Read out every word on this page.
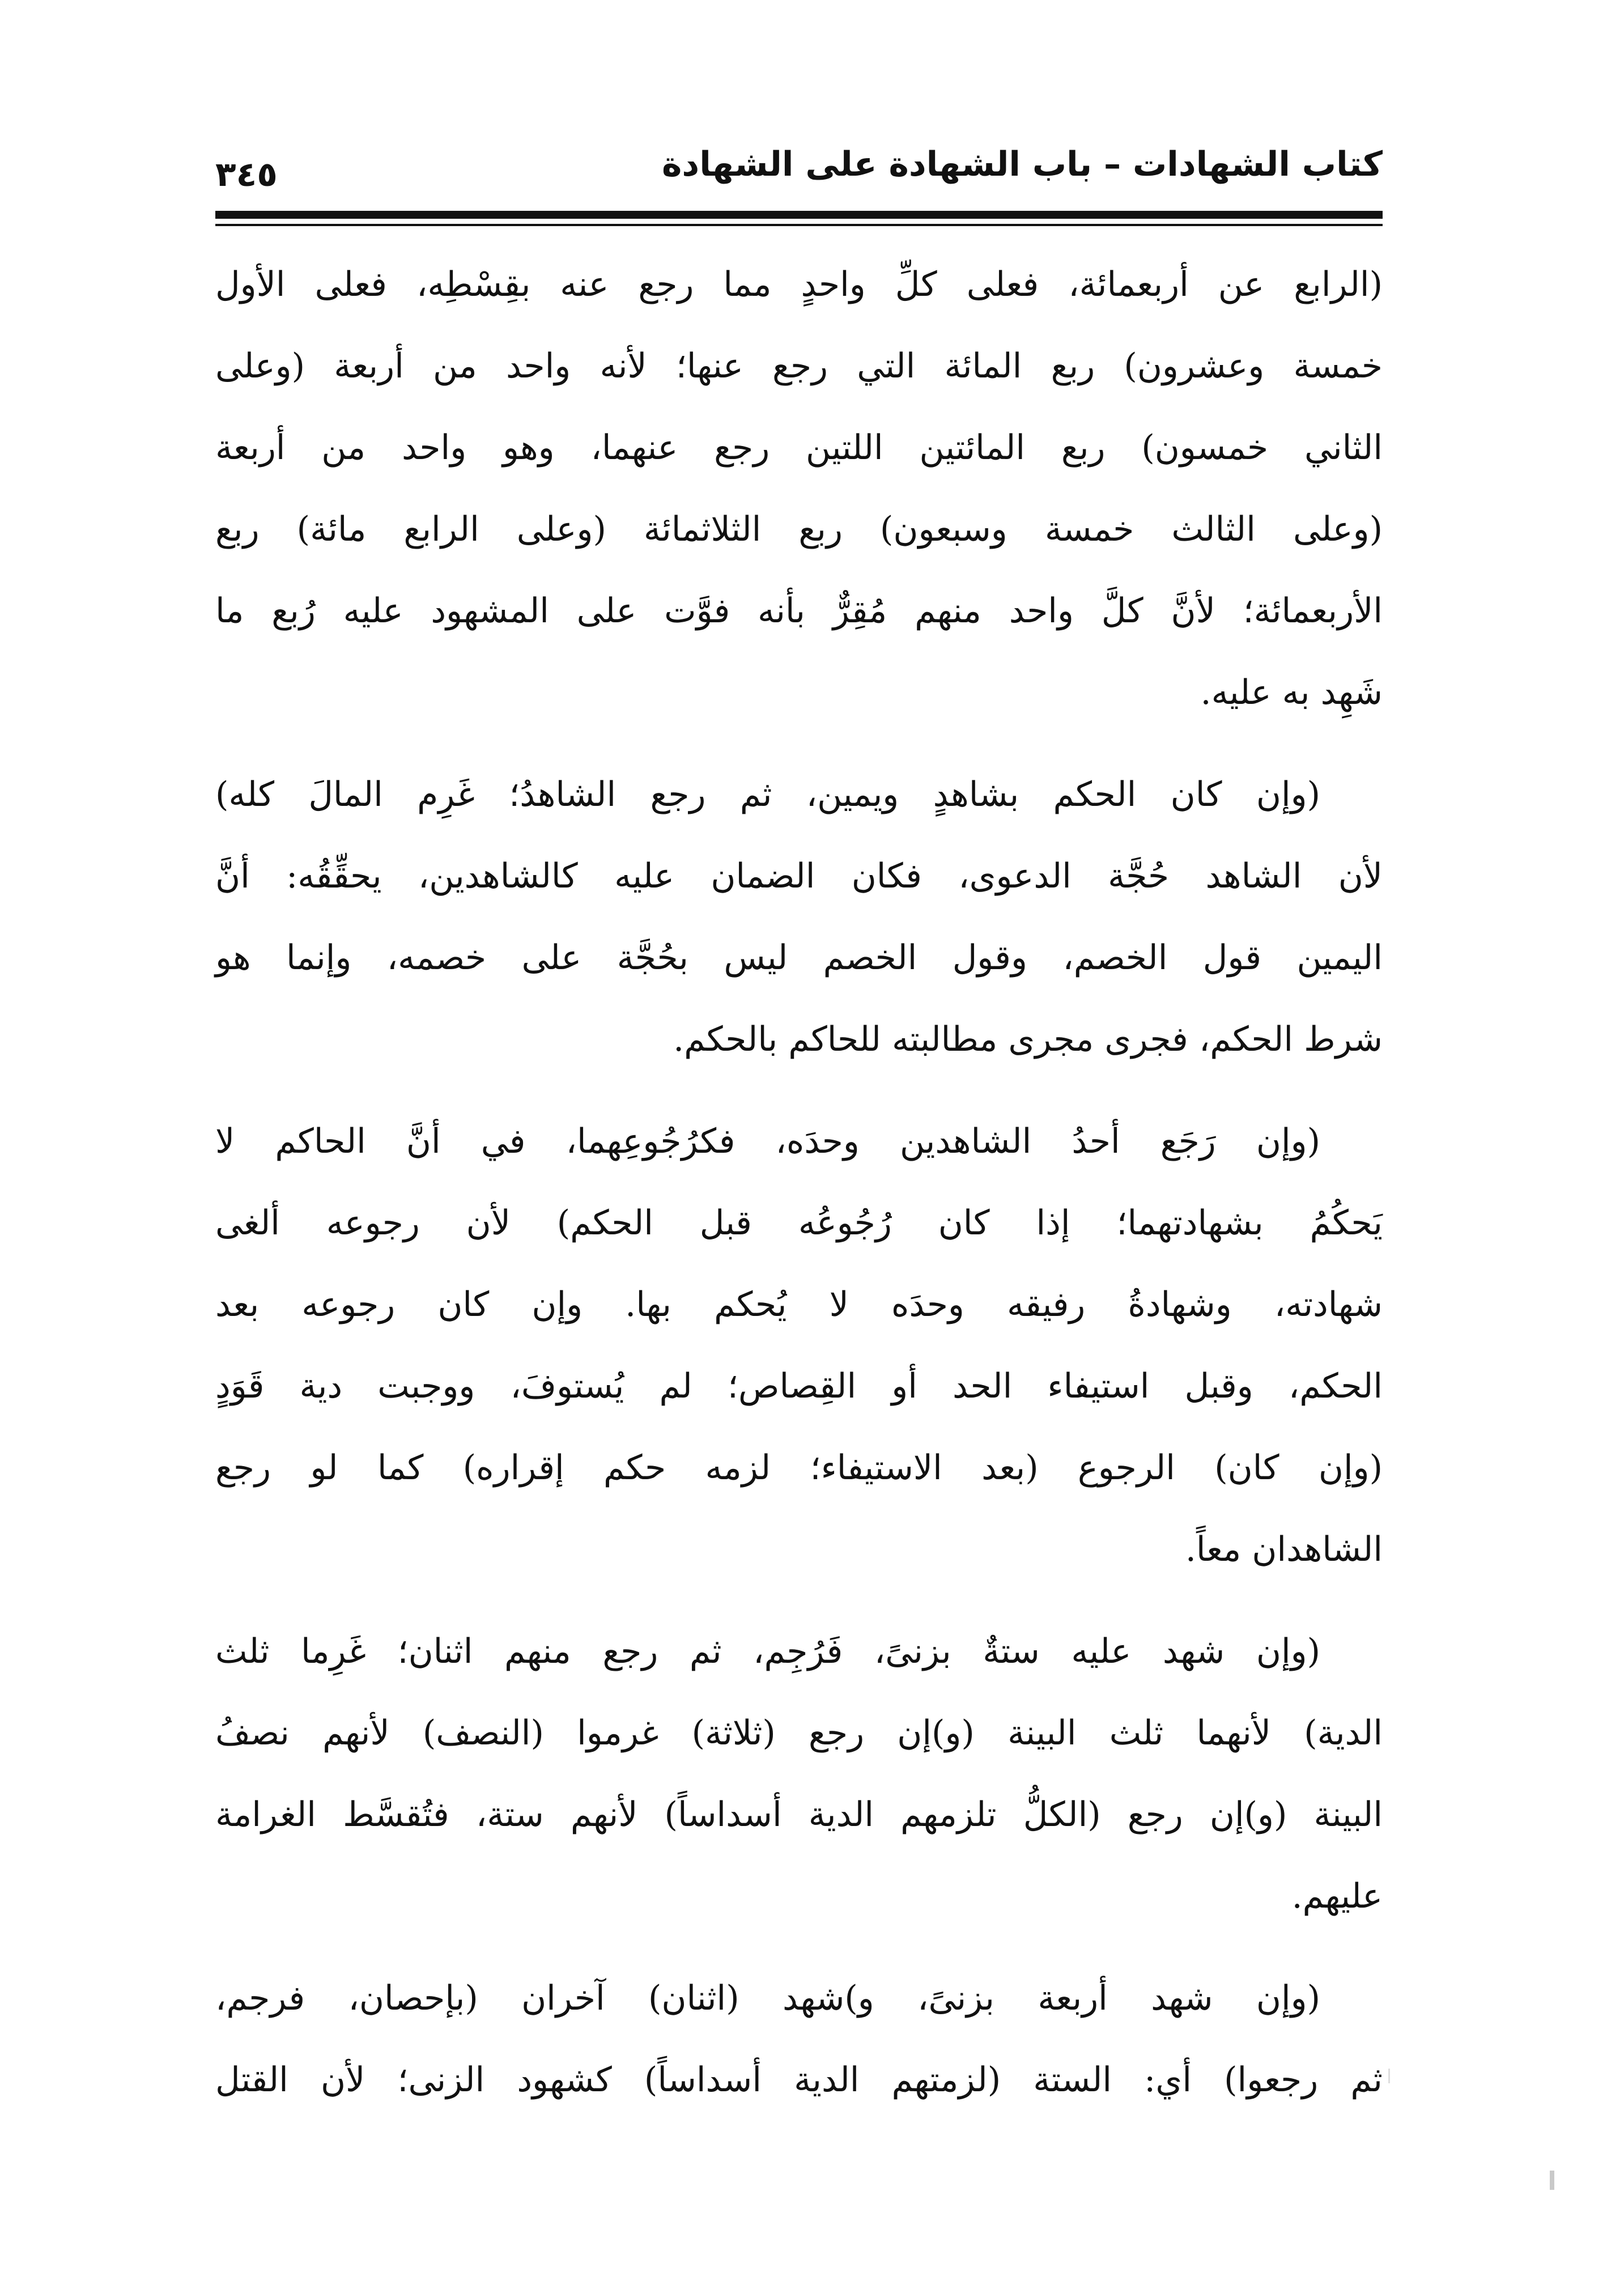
كتاب الشهادات – باب الشهادة على الشهادة
٣٤٥
(الرابع عن أربعمائة، فعلى كلِّ واحدٍ مما رجع عنه بقِسْطِه، فعلى الأول
خمسة وعشرون) ربع المائة التي رجع عنها؛ لأنه واحد من أربعة (وعلى
الثاني خمسون) ربع المائتين اللتين رجع عنهما، وهو واحد من أربعة
(وعلى الثالث خمسة وسبعون) ربع الثلاثمائة (وعلى الرابع مائة) ربع
الأربعمائة؛ لأنَّ كلَّ واحد منهم مُقِرٌّ بأنه فوَّت على المشهود عليه رُبع ما
شَهِد به عليه.
(وإن كان الحكم بشاهدٍ ويمين، ثم رجع الشاهدُ؛ غَرِم المالَ كله)
لأن الشاهد حُجَّة الدعوى، فكان الضمان عليه كالشاهدين، يحقِّقُه: أنَّ
اليمين قول الخصم، وقول الخصم ليس بحُجَّة على خصمه، وإنما هو
شرط الحكم، فجرى مجرى مطالبته للحاكم بالحكم.
(وإن رَجَع أحدُ الشاهدين وحدَه، فكرُجُوعِهما، في أنَّ الحاكم لا
يَحكُمُ بشهادتهما؛ إذا كان رُجُوعُه قبل الحكم) لأن رجوعه ألغى
شهادته، وشهادةُ رفيقه وحدَه لا يُحكم بها. وإن كان رجوعه بعد
الحكم، وقبل استيفاء الحد أو القِصاص؛ لم يُستوفَ، ووجبت دية قَوَدٍ
(وإن كان) الرجوع (بعد الاستيفاء؛ لزمه حكم إقراره) كما لو رجع
الشاهدان معاً.
(وإن شهد عليه ستةٌ بزنىً، فَرُجِم، ثم رجع منهم اثنان؛ غَرِما ثلث
الدية) لأنهما ثلث البينة (و)إن رجع (ثلاثة) غرموا (النصف) لأنهم نصفُ
البينة (و)إن رجع (الكلُّ تلزمهم الدية أسداساً) لأنهم ستة، فتُقسَّط الغرامة
عليهم.
(وإن شهد أربعة بزنىً، و)شهد (اثنان) آخران (بإحصان، فرجم،
ثم رجعوا) أي: الستة (لزمتهم الدية أسداساً) كشهود الزنى؛ لأن القتل
